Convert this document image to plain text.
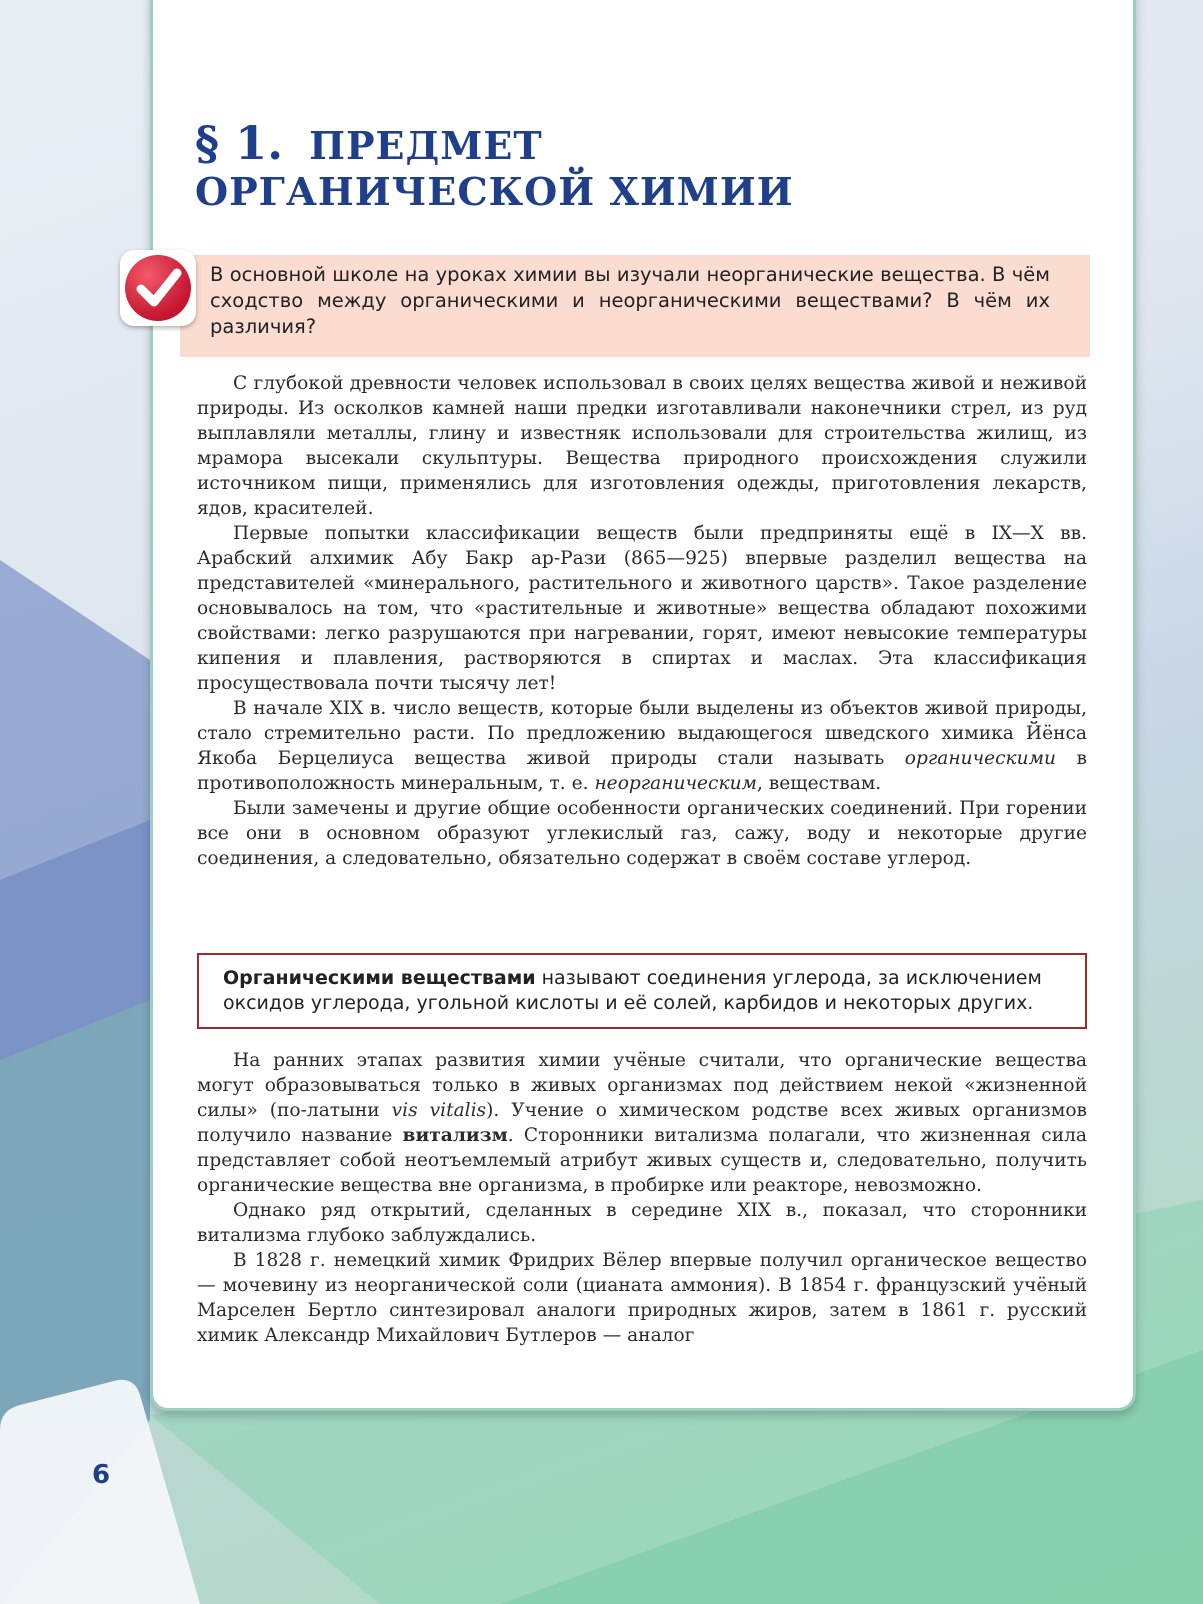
§ 1. ПРЕДМЕТ
ОРГАНИЧЕСКОЙ ХИМИИ
В основной школе на уроках химии вы изучали неорганические вещества. В чём сходство между органическими и неорганическими веществами? В чём их различия?

С глубокой древности человек использовал в своих целях вещества живой и неживой природы. Из осколков камней наши предки изготавливали наконечники стрел, из руд выплавляли металлы, глину и известняк использовали для строительства жилищ, из мрамора высекали скульптуры. Вещества природного происхождения служили источником пищи, применялись для изготовления одежды, приготовления лекарств, ядов, красителей.

Первые попытки классификации веществ были предприняты ещё в IX—X вв. Арабский алхимик Абу Бакр ар-Рази (865—925) впервые разделил вещества на представителей «минерального, растительного и животного царств». Такое разделение основывалось на том, что «растительные и животные» вещества обладают похожими свойствами: легко разрушаются при нагревании, горят, имеют невысокие температуры кипения и плавления, растворяются в спиртах и маслах. Эта классификация просуществовала почти тысячу лет!

В начале XIX в. число веществ, которые были выделены из объектов живой природы, стало стремительно расти. По предложению выдающегося шведского химика Йёнса Якоба Берцелиуса вещества живой природы стали называть органическими в противоположность минеральным, т. е. неорганическим, веществам.

Были замечены и другие общие особенности органических соединений. При горении все они в основном образуют углекислый газ, сажу, воду и некоторые другие соединения, а следовательно, обязательно содержат в своём составе углерод.

Органическими веществами называют соединения углерода, за исключением оксидов углерода, угольной кислоты и её солей, карбидов и некоторых других.

На ранних этапах развития химии учёные считали, что органические вещества могут образовываться только в живых организмах под действием некой «жизненной силы» (по-латыни vis vitalis). Учение о химическом родстве всех живых организмов получило название витализм. Сторонники витализма полагали, что жизненная сила представляет собой неотъемлемый атрибут живых существ и, следовательно, получить органические вещества вне организма, в пробирке или реакторе, невозможно.

Однако ряд открытий, сделанных в середине XIX в., показал, что сторонники витализма глубоко заблуждались.

В 1828 г. немецкий химик Фридрих Вёлер впервые получил органическое вещество — мочевину из неорганической соли (цианата аммония). В 1854 г. французский учёный Марселен Бертло синтезировал аналоги природных жиров, затем в 1861 г. русский химик Александр Михайлович Бутлеров — аналог

6
